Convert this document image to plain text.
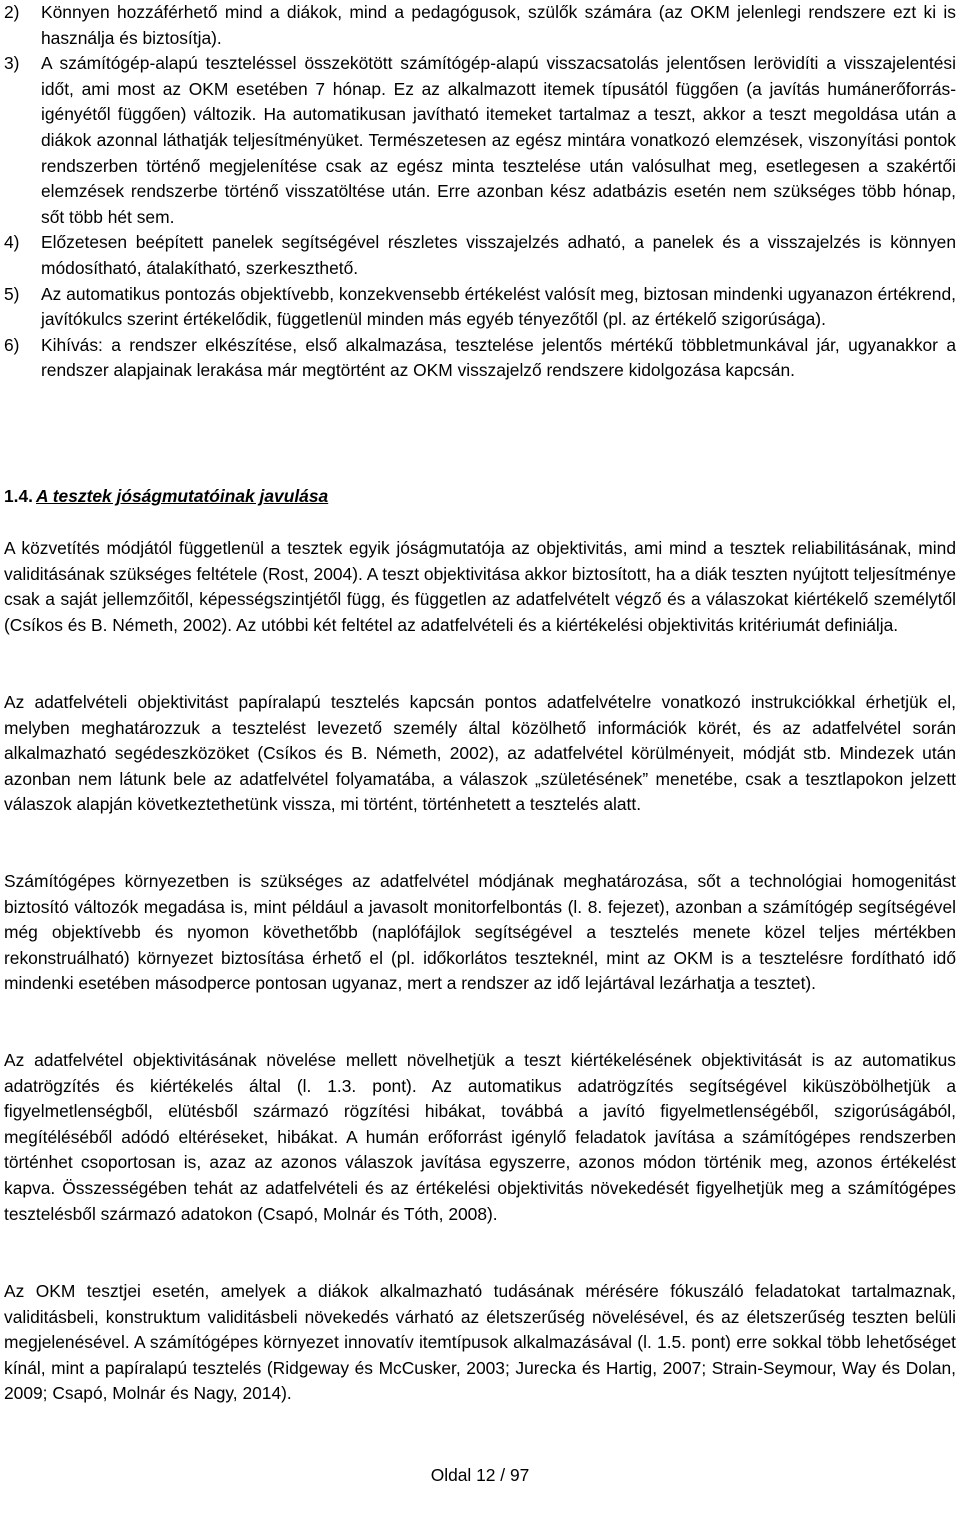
2) Könnyen hozzáférhető mind a diákok, mind a pedagógusok, szülők számára (az OKM jelenlegi rendszere ezt ki is használja és biztosítja).
3) A számítógép-alapú teszteléssel összekötött számítógép-alapú visszacsatolás jelentősen lerövidíti a visszajelentési időt, ami most az OKM esetében 7 hónap. Ez az alkalmazott itemek típusától függően (a javítás humánerőforrás-igényétől függően) változik. Ha automatikusan javítható itemeket tartalmaz a teszt, akkor a teszt megoldása után a diákok azonnal láthatják teljesítményüket. Természetesen az egész mintára vonatkozó elemzések, viszonyítási pontok rendszerben történő megjelenítése csak az egész minta tesztelése után valósulhat meg, esetlegesen a szakértői elemzések rendszerbe történő visszatöltése után. Erre azonban kész adatbázis esetén nem szükséges több hónap, sőt több hét sem.
4) Előzetesen beépített panelek segítségével részletes visszajelzés adható, a panelek és a visszajelzés is könnyen módosítható, átalakítható, szerkeszthető.
5) Az automatikus pontozás objektívebb, konzekvensebb értékelést valósít meg, biztosan mindenki ugyanazon értékrend, javítókulcs szerint értékelődik, függetlenül minden más egyéb tényezőtől (pl. az értékelő szigorúsága).
6) Kihívás: a rendszer elkészítése, első alkalmazása, tesztelése jelentős mértékű többletmunkával jár, ugyanakkor a rendszer alapjainak lerakása már megtörtént az OKM visszajelző rendszere kidolgozása kapcsán.
1.4. A tesztek jóságmutatóinak javulása

A közvetítés módjától függetlenül a tesztek egyik jóságmutatója az objektivitás, ami mind a tesztek reliabilitásának, mind validitásának szükséges feltétele (Rost, 2004). A teszt objektivitása akkor biztosított, ha a diák teszten nyújtott teljesítménye csak a saját jellemzőitől, képességszintjétől függ, és független az adatfelvételt végző és a válaszokat kiértékelő személytől (Csíkos és B. Németh, 2002). Az utóbbi két feltétel az adatfelvételi és a kiértékelési objektivitás kritériumát definiálja.

Az adatfelvételi objektivitást papíralapú tesztelés kapcsán pontos adatfelvételre vonatkozó instrukciókkal érhetjük el, melyben meghatározzuk a tesztelést levezető személy által közölhető információk körét, és az adatfelvétel során alkalmazható segédeszközöket (Csíkos és B. Németh, 2002), az adatfelvétel körülményeit, módját stb. Mindezek után azonban nem látunk bele az adatfelvétel folyamatába, a válaszok „születésének” menetébe, csak a tesztlapokon jelzett válaszok alapján következtethetünk vissza, mi történt, történhetett a tesztelés alatt.

Számítógépes környezetben is szükséges az adatfelvétel módjának meghatározása, sőt a technológiai homogenitást biztosító változók megadása is, mint például a javasolt monitorfelbontás (l. 8. fejezet), azonban a számítógép segítségével még objektívebb és nyomon követhetőbb (naplófájlok segítségével a tesztelés menete közel teljes mértékben rekonstruálható) környezet biztosítása érhető el (pl. időkorlátos teszteknél, mint az OKM is a tesztelésre fordítható idő mindenki esetében másodperce pontosan ugyanaz, mert a rendszer az idő lejártával lezárhatja a tesztet).

Az adatfelvétel objektivitásának növelése mellett növelhetjük a teszt kiértékelésének objektivitását is az automatikus adatrögzítés és kiértékelés által (l. 1.3. pont). Az automatikus adatrögzítés segítségével kiküszöbölhetjük a figyelmetlenségből, elütésből származó rögzítési hibákat, továbbá a javító figyelmetlenségéből, szigorúságából, megítéléséből adódó eltéréseket, hibákat. A humán erőforrást igénylő feladatok javítása a számítógépes rendszerben történhet csoportosan is, azaz az azonos válaszok javítása egyszerre, azonos módon történik meg, azonos értékelést kapva. Összességében tehát az adatfelvételi és az értékelési objektivitás növekedését figyelhetjük meg a számítógépes tesztelésből származó adatokon (Csapó, Molnár és Tóth, 2008).

Az OKM tesztjei esetén, amelyek a diákok alkalmazható tudásának mérésére fókuszáló feladatokat tartalmaznak, validitásbeli, konstruktum validitásbeli növekedés várható az életszerűség növelésével, és az életszerűség teszten belüli megjelenésével. A számítógépes környezet innovatív itemtípusok alkalmazásával (l. 1.5. pont) erre sokkal több lehetőséget kínál, mint a papíralapú tesztelés (Ridgeway és McCusker, 2003; Jurecka és Hartig, 2007; Strain-Seymour, Way és Dolan, 2009; Csapó, Molnár és Nagy, 2014).

Oldal 12 / 97
